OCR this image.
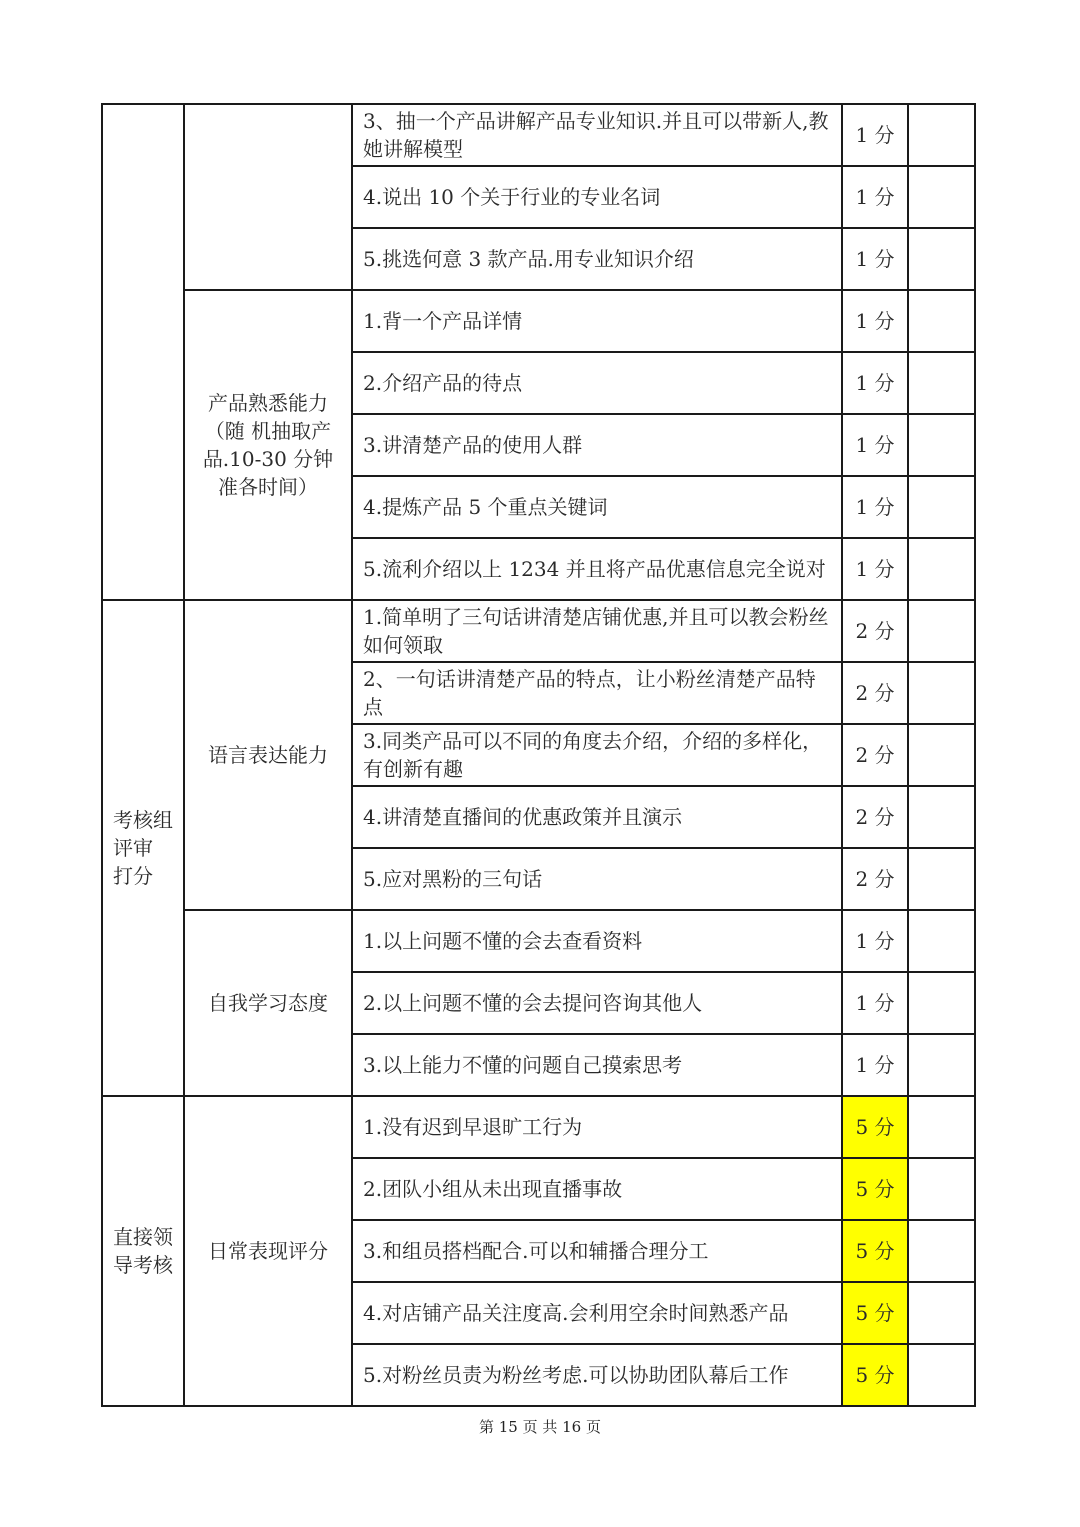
		3、抽一个产品讲解产品专业知识.并且可以带新人,教她讲解模型	1 分	
		4.说出 10 个关于行业的专业名词	1 分	
		5.挑选何意 3 款产品.用专业知识介绍	1 分	
	产品熟悉能力（随 机抽取产品.10-30 分钟准各时间）	1.背一个产品详情	1 分	
		2.介绍产品的待点	1 分	
		3.讲清楚产品的使用人群	1 分	
		4.提炼产品 5 个重点关键词	1 分	
		5.流利介绍以上 1234 并且将产品优惠信息完全说对	1 分	
考核组评审 打分	语言表达能力	1.简单明了三句话讲清楚店铺优惠,并且可以教会粉丝如何领取	2 分	
		2、一句话讲清楚产品的特点，让小粉丝清楚产品特点	2 分	
		3.同类产品可以不同的角度去介绍，介绍的多样化，有创新有趣	2 分	
		4.讲清楚直播间的优惠政策并且演示	2 分	
		5.应对黑粉的三句话	2 分	
	自我学习态度	1.以上问题不懂的会去查看资料	1 分	
		2.以上问题不懂的会去提问咨询其他人	1 分	
		3.以上能力不懂的问题自己摸索思考	1 分	
直接领导考核	日常表现评分	1.没有迟到早退旷工行为	5 分	
		2.团队小组从未出现直播事故	5 分	
		3.和组员搭档配合.可以和辅播合理分工	5 分	
		4.对店铺产品关注度高.会利用空余时间熟悉产品	5 分	
		5.对粉丝员责为粉丝考虑.可以协助团队幕后工作	5 分	
第 15 页 共 16 页
